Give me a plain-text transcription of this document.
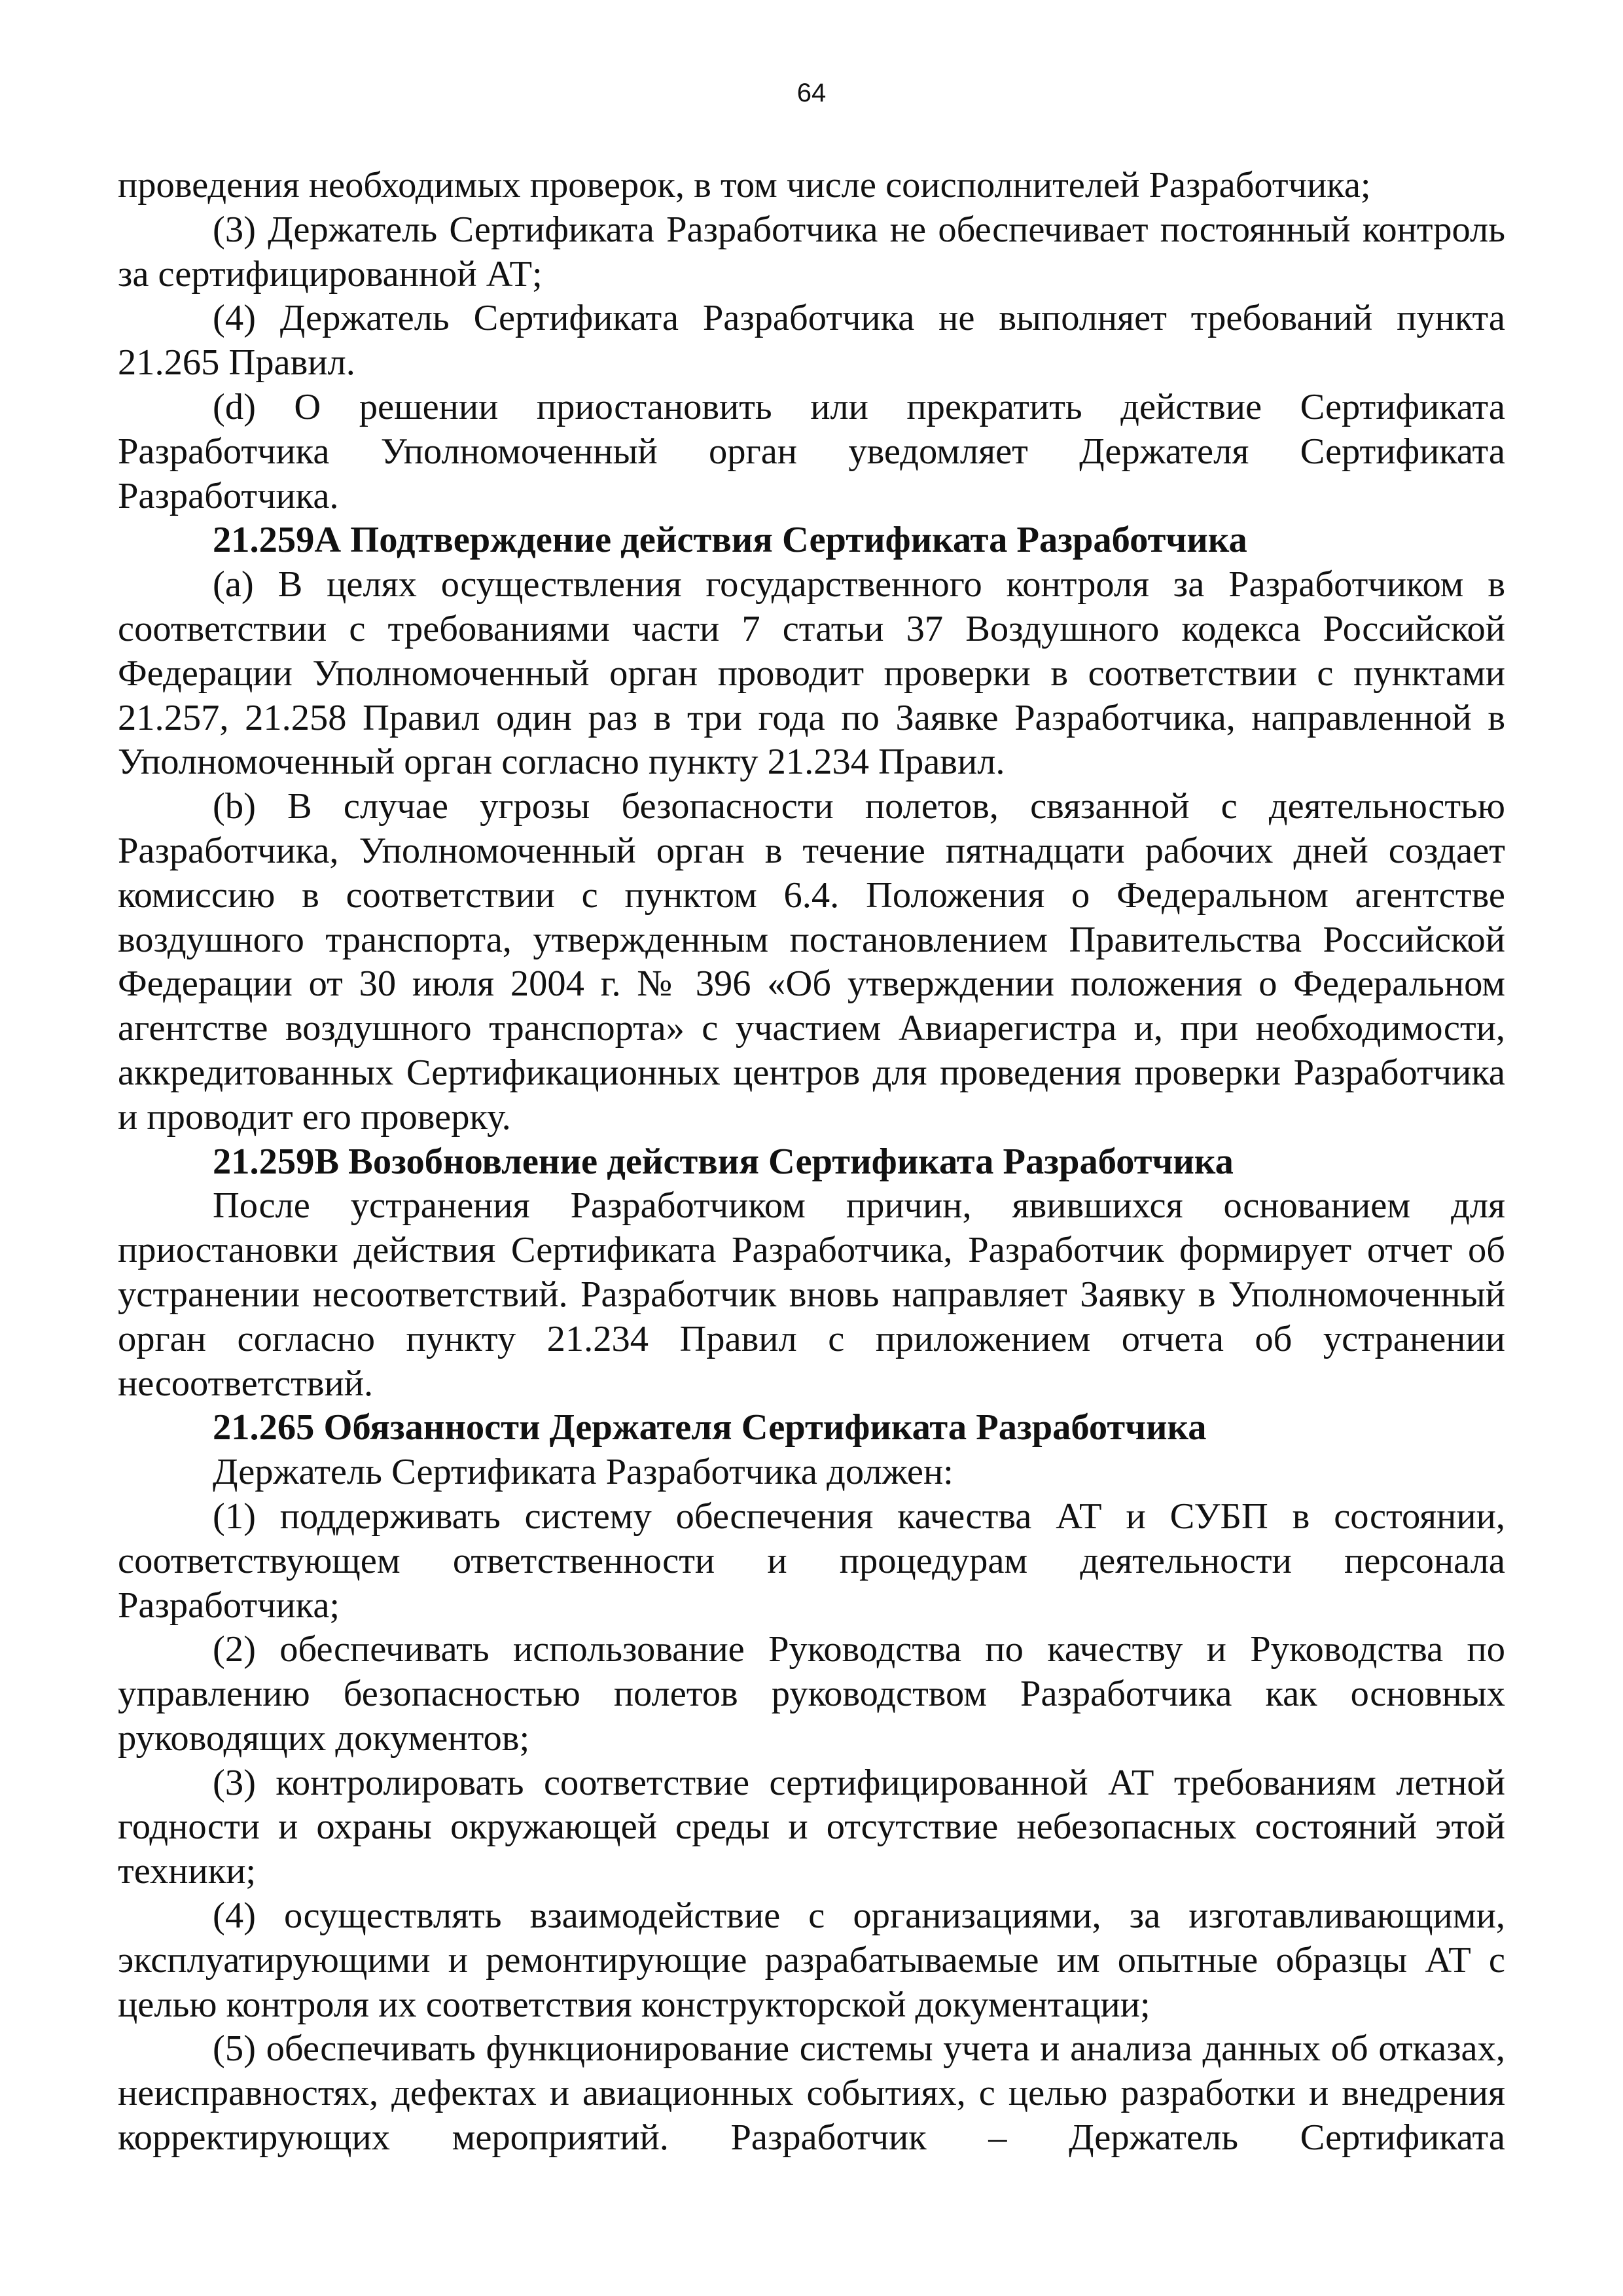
64

проведения необходимых проверок, в том числе соисполнителей Разработчика;

(3) Держатель Сертификата Разработчика не обеспечивает постоянный контроль за сертифицированной АТ;

(4) Держатель Сертификата Разработчика не выполняет требований пункта 21.265 Правил.

(d) О решении приостановить или прекратить действие Сертификата Разработчика Уполномоченный орган уведомляет Держателя Сертификата Разработчика.

21.259А Подтверждение действия Сертификата Разработчика

(а) В целях осуществления государственного контроля за Разработчиком в соответствии с требованиями части 7 статьи 37 Воздушного кодекса Российской Федерации Уполномоченный орган проводит проверки в соответствии с пунктами 21.257, 21.258 Правил один раз в три года по Заявке Разработчика, направленной в Уполномоченный орган согласно пункту 21.234 Правил.

(b) В случае угрозы безопасности полетов, связанной с деятельностью Разработчика, Уполномоченный орган в течение пятнадцати рабочих дней создает комиссию в соответствии с пунктом 6.4. Положения о Федеральном агентстве воздушного транспорта, утвержденным постановлением Правительства Российской Федерации от 30 июля 2004 г. № 396 «Об утверждении положения о Федеральном агентстве воздушного транспорта» с участием Авиарегистра и, при необходимости, аккредитованных Сертификационных центров для проведения проверки Разработчика и проводит его проверку.

21.259В Возобновление действия Сертификата Разработчика

После устранения Разработчиком причин, явившихся основанием для приостановки действия Сертификата Разработчика, Разработчик формирует отчет об устранении несоответствий. Разработчик вновь направляет Заявку в Уполномоченный орган согласно пункту 21.234 Правил с приложением отчета об устранении несоответствий.

21.265 Обязанности Держателя Сертификата Разработчика

Держатель Сертификата Разработчика должен:

(1) поддерживать систему обеспечения качества АТ и СУБП в состоянии, соответствующем ответственности и процедурам деятельности персонала Разработчика;

(2) обеспечивать использование Руководства по качеству и Руководства по управлению безопасностью полетов руководством Разработчика как основных руководящих документов;

(3) контролировать соответствие сертифицированной АТ требованиям летной годности и охраны окружающей среды и отсутствие небезопасных состояний этой техники;

(4) осуществлять взаимодействие с организациями, за изготавливающими, эксплуатирующими и ремонтирующие разрабатываемые им опытные образцы АТ с целью контроля их соответствия конструкторской документации;

(5) обеспечивать функционирование системы учета и анализа данных об отказах, неисправностях, дефектах и авиационных событиях, с целью разработки и внедрения корректирующих мероприятий. Разработчик – Держатель Сертификата
